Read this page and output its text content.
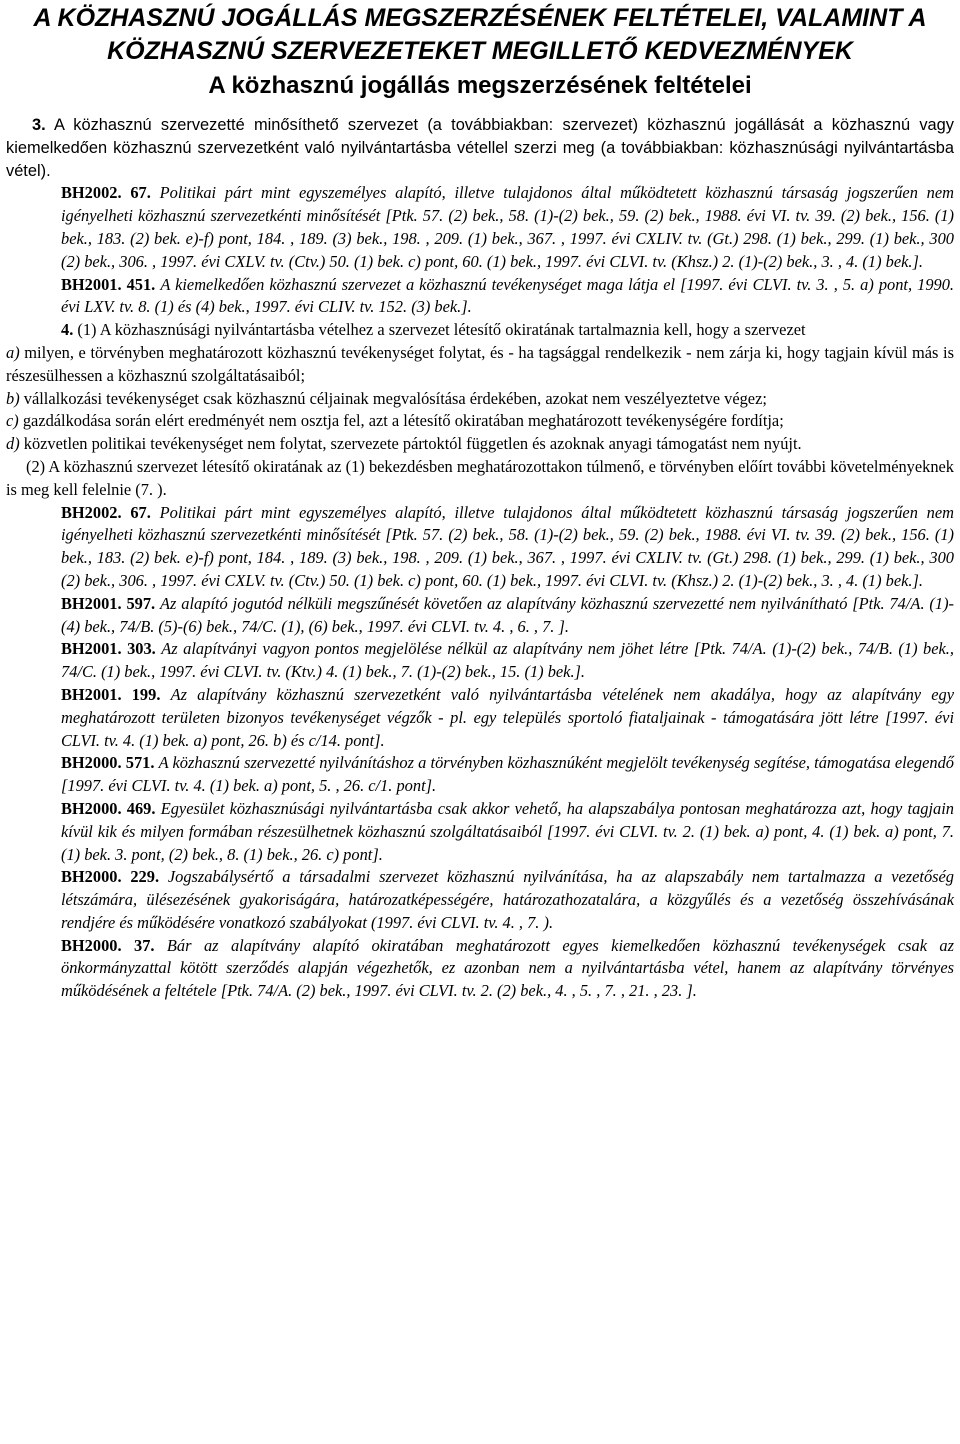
A KÖZHASZNÚ JOGÁLLÁS MEGSZERZÉSÉNEK FELTÉTELEI, VALAMINT A KÖZHASZNÚ SZERVEZETEKET MEGILLETŐ KEDVEZMÉNYEK
A közhasznú jogállás megszerzésének feltételei

3. A közhasznú szervezetté minősíthető szervezet (a továbbiakban: szervezet) közhasznú jogállását a közhasznú vagy kiemelkedően közhasznú szervezetként való nyilvántartásba vétellel szerzi meg (a továbbiakban: közhasznúsági nyilvántartásba vétel).

BH2002. 67. Politikai párt mint egyszemélyes alapító, illetve tulajdonos által működtetett közhasznú társaság jogszerűen nem igényelheti közhasznú szervezetkénti minősítését [Ptk. 57. (2) bek., 58. (1)-(2) bek., 59. (2) bek., 1988. évi VI. tv. 39. (2) bek., 156. (1) bek., 183. (2) bek. e)-f) pont, 184. , 189. (3) bek., 198. , 209. (1) bek., 367. , 1997. évi CXLIV. tv. (Gt.) 298. (1) bek., 299. (1) bek., 300 (2) bek., 306. , 1997. évi CXLV. tv. (Ctv.) 50. (1) bek. c) pont, 60. (1) bek., 1997. évi CLVI. tv. (Khsz.) 2. (1)-(2) bek., 3. , 4. (1) bek.].

BH2001. 451. A kiemelkedően közhasznú szervezet a közhasznú tevékenységet maga látja el [1997. évi CLVI. tv. 3. , 5. a) pont, 1990. évi LXV. tv. 8. (1) és (4) bek., 1997. évi CLIV. tv. 152. (3) bek.].

4. (1) A közhasznúsági nyilvántartásba vételhez a szervezet létesítő okiratának tartalmaznia kell, hogy a szervezet

a) milyen, e törvényben meghatározott közhasznú tevékenységet folytat, és - ha tagsággal rendelkezik - nem zárja ki, hogy tagjain kívül más is részesülhessen a közhasznú szolgáltatásaiból;

b) vállalkozási tevékenységet csak közhasznú céljainak megvalósítása érdekében, azokat nem veszélyeztetve végez;

c) gazdálkodása során elért eredményét nem osztja fel, azt a létesítő okiratában meghatározott tevékenységére fordítja;

d) közvetlen politikai tevékenységet nem folytat, szervezete pártoktól független és azoknak anyagi támogatást nem nyújt.

(2) A közhasznú szervezet létesítő okiratának az (1) bekezdésben meghatározottakon túlmenő, e törvényben előírt további követelményeknek is meg kell felelnie (7. ).

BH2002. 67. Politikai párt mint egyszemélyes alapító, illetve tulajdonos által működtetett közhasznú társaság jogszerűen nem igényelheti közhasznú szervezetkénti minősítését [Ptk. 57. (2) bek., 58. (1)-(2) bek., 59. (2) bek., 1988. évi VI. tv. 39. (2) bek., 156. (1) bek., 183. (2) bek. e)-f) pont, 184. , 189. (3) bek., 198. , 209. (1) bek., 367. , 1997. évi CXLIV. tv. (Gt.) 298. (1) bek., 299. (1) bek., 300 (2) bek., 306. , 1997. évi CXLV. tv. (Ctv.) 50. (1) bek. c) pont, 60. (1) bek., 1997. évi CLVI. tv. (Khsz.) 2. (1)-(2) bek., 3. , 4. (1) bek.].

BH2001. 597. Az alapító jogutód nélküli megszűnését követően az alapítvány közhasznú szervezetté nem nyilvánítható [Ptk. 74/A. (1)-(4) bek., 74/B. (5)-(6) bek., 74/C. (1), (6) bek., 1997. évi CLVI. tv. 4. , 6. , 7. ].

BH2001. 303. Az alapítványi vagyon pontos megjelölése nélkül az alapítvány nem jöhet létre [Ptk. 74/A. (1)-(2) bek., 74/B. (1) bek., 74/C. (1) bek., 1997. évi CLVI. tv. (Ktv.) 4. (1) bek., 7. (1)-(2) bek., 15. (1) bek.].

BH2001. 199. Az alapítvány közhasznú szervezetként való nyilvántartásba vételének nem akadálya, hogy az alapítvány egy meghatározott területen bizonyos tevékenységet végzők - pl. egy település sportoló fiataljainak - támogatására jött létre [1997. évi CLVI. tv. 4. (1) bek. a) pont, 26. b) és c/14. pont].

BH2000. 571. A közhasznú szervezetté nyilvánításhoz a törvényben közhasznúként megjelölt tevékenység segítése, támogatása elegendő [1997. évi CLVI. tv. 4. (1) bek. a) pont, 5. , 26. c/1. pont].

BH2000. 469. Egyesület közhasznúsági nyilvántartásba csak akkor vehető, ha alapszabálya pontosan meghatározza azt, hogy tagjain kívül kik és milyen formában részesülhetnek közhasznú szolgáltatásaiból [1997. évi CLVI. tv. 2. (1) bek. a) pont, 4. (1) bek. a) pont, 7. (1) bek. 3. pont, (2) bek., 8. (1) bek., 26. c) pont].

BH2000. 229. Jogszabálysértő a társadalmi szervezet közhasznú nyilvánítása, ha az alapszabály nem tartalmazza a vezetőség létszámára, ülésezésének gyakoriságára, határozatképességére, határozathozatalára, a közgyűlés és a vezetőség összehívásának rendjére és működésére vonatkozó szabályokat (1997. évi CLVI. tv. 4. , 7. ).

BH2000. 37. Bár az alapítvány alapító okiratában meghatározott egyes kiemelkedően közhasznú tevékenységek csak az önkormányzattal kötött szerződés alapján végezhetők, ez azonban nem a nyilvántartásba vétel, hanem az alapítvány törvényes működésének a feltétele [Ptk. 74/A. (2) bek., 1997. évi CLVI. tv. 2. (2) bek., 4. , 5. , 7. , 21. , 23. ].
